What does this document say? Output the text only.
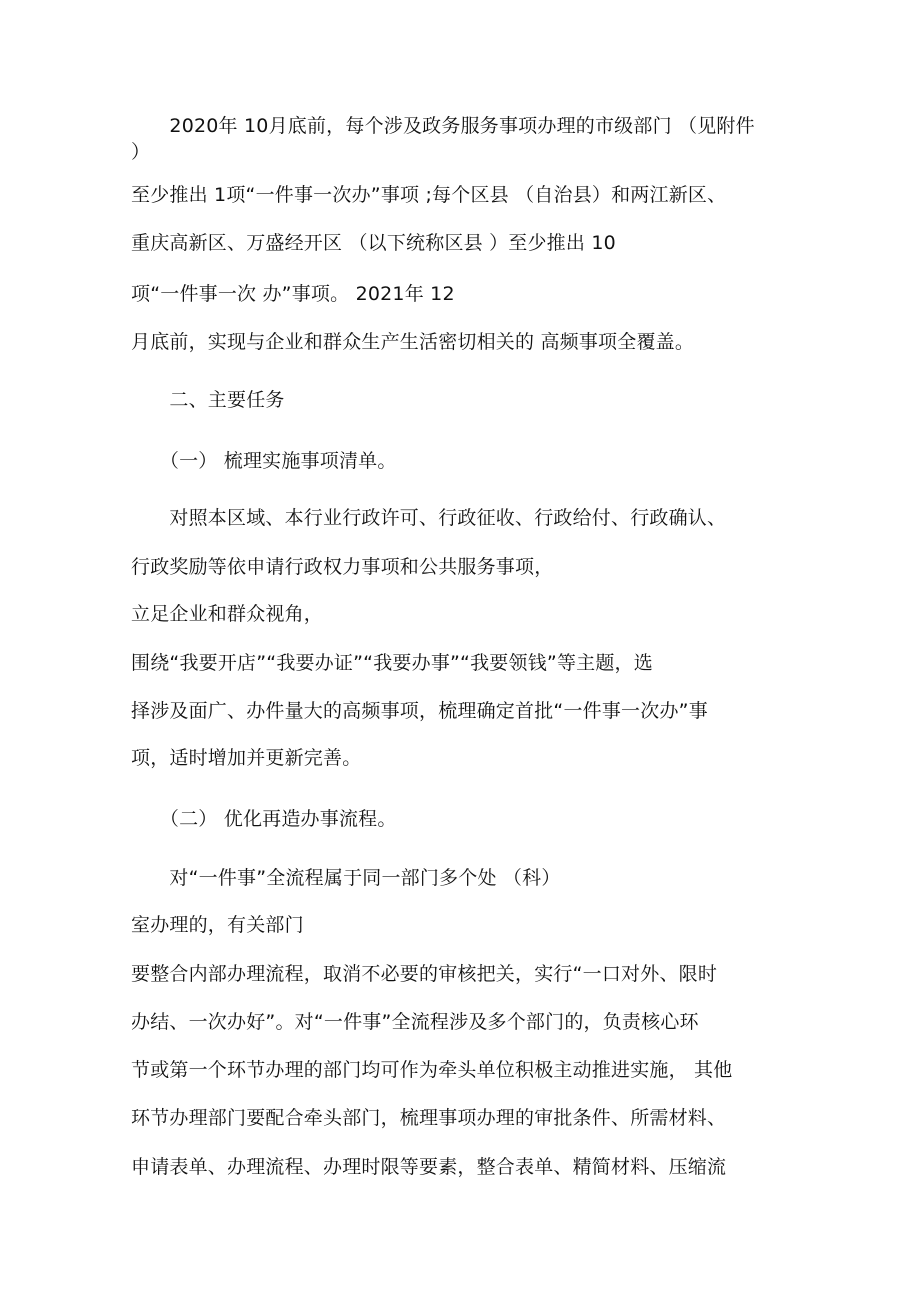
　　2020年 10月底前，每个涉及政务服务事项办理的市级部门 （见附件
）
至少推出 1项“一件事一次办”事项 ;每个区县 （自治县）和两江新区、
重庆高新区、万盛经开区 （以下统称区县 ）至少推出 10
项“一件事一次 办”事项。 2021年 12
月底前，实现与企业和群众生产生活密切相关的 高频事项全覆盖。
　　二、主要任务
　　（一） 梳理实施事项清单。
　　对照本区域、本行业行政许可、行政征收、行政给付、行政确认、
行政奖励等依申请行政权力事项和公共服务事项，
立足企业和群众视角，
围绕“我要开店”“我要办证”“我要办事”“我要领钱”等主题，选
择涉及面广、办件量大的高频事项，梳理确定首批“一件事一次办”事
项，适时增加并更新完善。
　　（二） 优化再造办事流程。
　　对“一件事”全流程属于同一部门多个处 （科）
室办理的，有关部门
要整合内部办理流程，取消不必要的审核把关，实行“一口对外、限时
办结、一次办好”。对“一件事”全流程涉及多个部门的，负责核心环
节或第一个环节办理的部门均可作为牵头单位积极主动推进实施， 其他
环节办理部门要配合牵头部门，梳理事项办理的审批条件、所需材料、
申请表单、办理流程、办理时限等要素，整合表单、精简材料、压缩流
